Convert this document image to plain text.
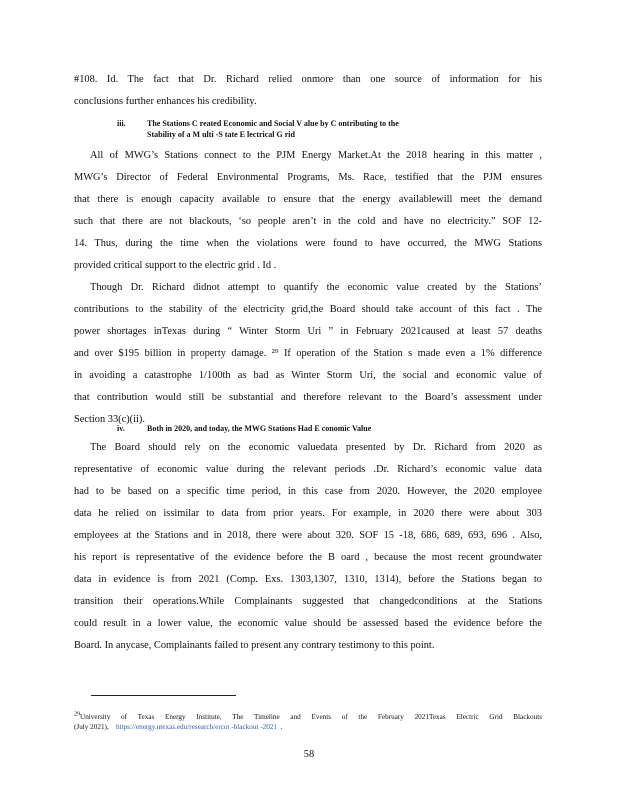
#108. Id. The fact that Dr. Richard relied onmore than one source of information for his
conclusions further enhances his credibility.
iii.	The Stations C reated Economic and Social V alue by C ontributing to the
Stability of a M ulti -S tate E lectrical G rid
All of MWG’s Stations connect to the PJM Energy Market.At the 2018 hearing in this matter ,
MWG’s Director of Federal Environmental Programs, Ms. Race, testified that the PJM ensures
that there is enough capacity available to ensure that the energy availablewill meet the demand
such that there are not blackouts, ‘so people aren’t in the cold and have no electricity.” SOF 12-
14. Thus, during the time when the violations were found to have occurred, the MWG Stations
provided critical support to the electric grid . Id .
Though Dr. Richard didnot attempt to quantify the economic value created by the Stations’
contributions to the stability of the electricity grid,the Board should take account of this fact . The
power shortages inTexas during “ Winter Storm Uri ” in February 2021caused at least 57 deaths
and over $195 billion in property damage. ²⁹ If operation of the Station s made even a 1% difference
in avoiding a catastrophe 1/100th as bad as Winter Storm Uri, the social and economic value of
that contribution would still be substantial and therefore relevant to the Board’s assessment under
Section 33(c)(ii).
iv.	Both in 2020, and today, the MWG Stations Had E conomic Value
The Board should rely on the economic valuedata presented by Dr. Richard from 2020 as
representative of economic value during the relevant periods .Dr. Richard’s economic value data
had to be based on a specific time period, in this case from 2020. However, the 2020 employee
data he relied on issimilar to data from prior years. For example, in 2020 there were about 303
employees at the Stations and in 2018, there were about 320. SOF 15 -18, 686, 689, 693, 696 . Also,
his report is representative of the evidence before the B oard , because the most recent groundwater
data in evidence is from 2021 (Comp. Exs. 1303,1307, 1310, 1314), before the Stations began to
transition their operations.While Complainants suggested that changedconditions at the Stations
could result in a lower value, the economic value should be assessed based the evidence before the
Board. In anycase, Complainants failed to present any contrary testimony to this point.
$^{29}$University of Texas Energy Institute, The Timeline and Events of the February 2021Texas Electric Grid Blackouts
(July 2021), https://energy.utexas.edu/research/ercot -blackout -2021 .
58
